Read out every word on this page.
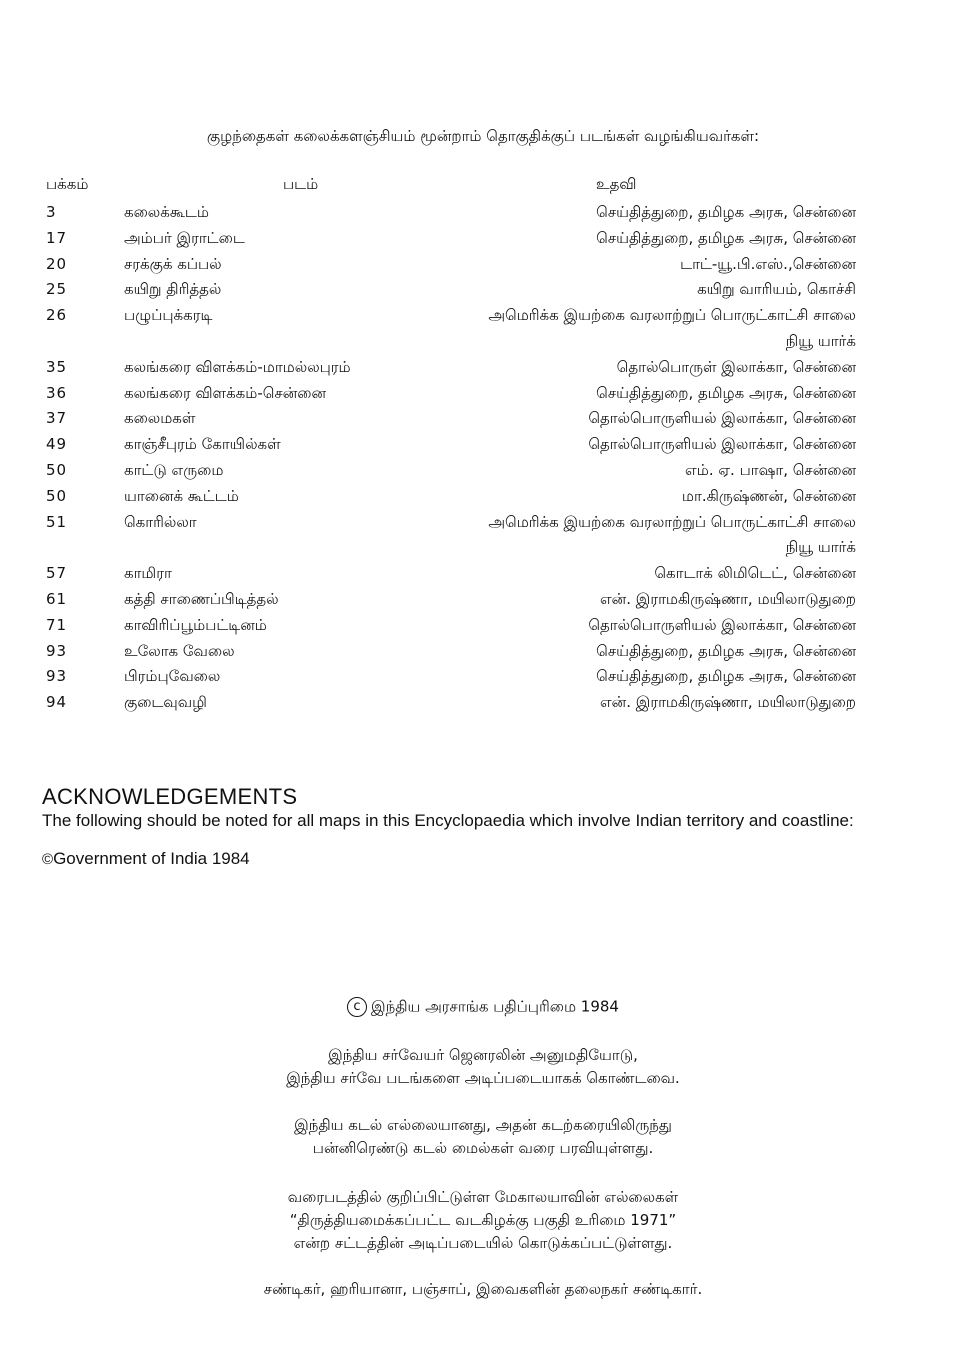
குழந்தைகள் கலைக்களஞ்சியம் மூன்றாம் தொகுதிக்குப் படங்கள் வழங்கியவர்கள்:
பக்கம்	படம்	உதவி
3	கலைக்கூடம்	செய்தித்துறை, தமிழக அரசு, சென்னை
17	அம்பர் இராட்டை	செய்தித்துறை, தமிழக அரசு, சென்னை
20	சரக்குக் கப்பல்	டாட்-யூ.பி.எஸ்.,சென்னை
25	கயிறு திரித்தல்	கயிறு வாரியம், கொச்சி
26	பழுப்புக்கரடி	அமெரிக்க இயற்கை வரலாற்றுப் பொருட்காட்சி சாலை
நியூ யார்க்
35	கலங்கரை விளக்கம்-மாமல்லபுரம்	தொல்பொருள் இலாக்கா, சென்னை
36	கலங்கரை விளக்கம்-சென்னை	செய்தித்துறை, தமிழக அரசு, சென்னை
37	கலைமகள்	தொல்பொருளியல் இலாக்கா, சென்னை
49	காஞ்சீபுரம் கோயில்கள்	தொல்பொருளியல் இலாக்கா, சென்னை
50	காட்டு எருமை	எம். ஏ. பாஷா, சென்னை
50	யானைக் கூட்டம்	மா.கிருஷ்ணன், சென்னை
51	கொரில்லா	அமெரிக்க இயற்கை வரலாற்றுப் பொருட்காட்சி சாலை
நியூ யார்க்
57	காமிரா	கொடாக் லிமிடெட், சென்னை
61	கத்தி சாணைப்பிடித்தல்	என். இராமகிருஷ்ணா, மயிலாடுதுறை
71	காவிரிப்பூம்பட்டினம்	தொல்பொருளியல் இலாக்கா, சென்னை
93	உலோக வேலை	செய்தித்துறை, தமிழக அரசு, சென்னை
93	பிரம்புவேலை	செய்தித்துறை, தமிழக அரசு, சென்னை
94	குடைவுவழி	என். இராமகிருஷ்ணா, மயிலாடுதுறை
ACKNOWLEDGEMENTS
The following should be noted for all maps in this Encyclopaedia which involve Indian territory and coastline:
©Government of India 1984
c இந்திய அரசாங்க பதிப்புரிமை 1984
இந்திய சர்வேயர் ஜெனரலின் அனுமதியோடு,
இந்திய சர்வே படங்களை அடிப்படையாகக் கொண்டவை.
இந்திய கடல் எல்லையானது, அதன் கடற்கரையிலிருந்து
பன்னிரெண்டு கடல் மைல்கள் வரை பரவியுள்ளது.
வரைபடத்தில் குறிப்பிட்டுள்ள மேகாலயாவின் எல்லைகள்
“திருத்தியமைக்கப்பட்ட வடகிழக்கு பகுதி உரிமை 1971”
என்ற சட்டத்தின் அடிப்படையில் கொடுக்கப்பட்டுள்ளது.
சண்டிகர், ஹரியானா, பஞ்சாப், இவைகளின் தலைநகர் சண்டிகார்.
